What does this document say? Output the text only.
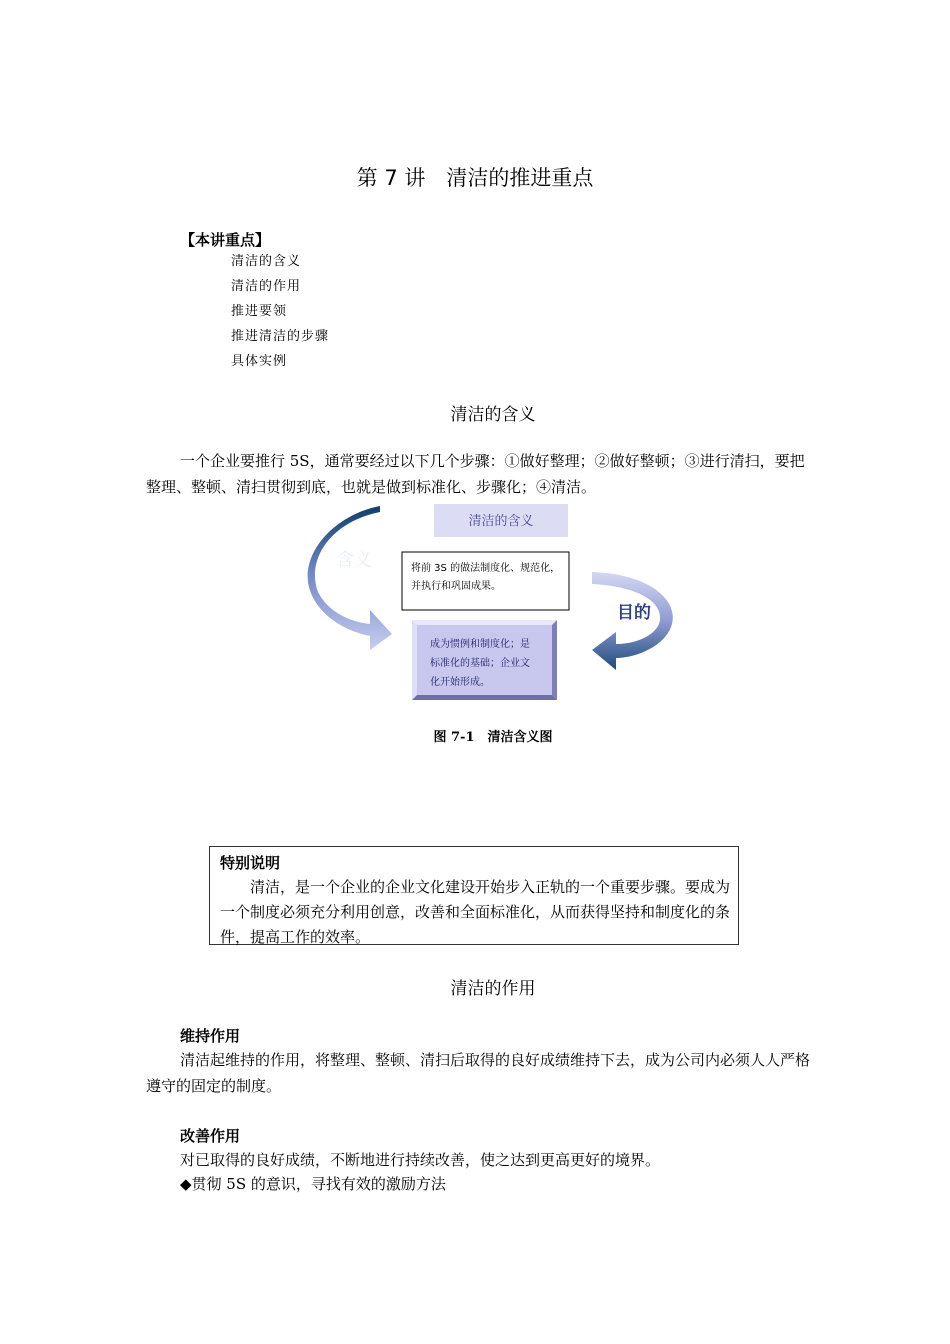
第 7 讲　清洁的推进重点
【本讲重点】
清洁的含义
清洁的作用
推进要领
推进清洁的步骤
具体实例
清洁的含义

一个企业要推行 5S，通常要经过以下几个步骤：①做好整理；②做好整顿；③进行清扫，要把整理、整顿、清扫贯彻到底，也就是做到标准化、步骤化；④清洁。

清洁的含义
含义	将前 3S 的做法制度化、规范化，
并执行和巩固成果。
目的
成为惯例和制度化；是
标准化的基础；企业文
化开始形成。
图 7-1　清洁含义图
特别说明

清洁，是一个企业的企业文化建设开始步入正轨的一个重要步骤。要成为一个制度必须充分利用创意，改善和全面标准化，从而获得坚持和制度化的条件，提高工作的效率。

清洁的作用
维持作用

清洁起维持的作用，将整理、整顿、清扫后取得的良好成绩维持下去，成为公司内必须人人严格遵守的固定的制度。

改善作用
对已取得的良好成绩，不断地进行持续改善，使之达到更高更好的境界。
◆贯彻 5S 的意识，寻找有效的激励方法
